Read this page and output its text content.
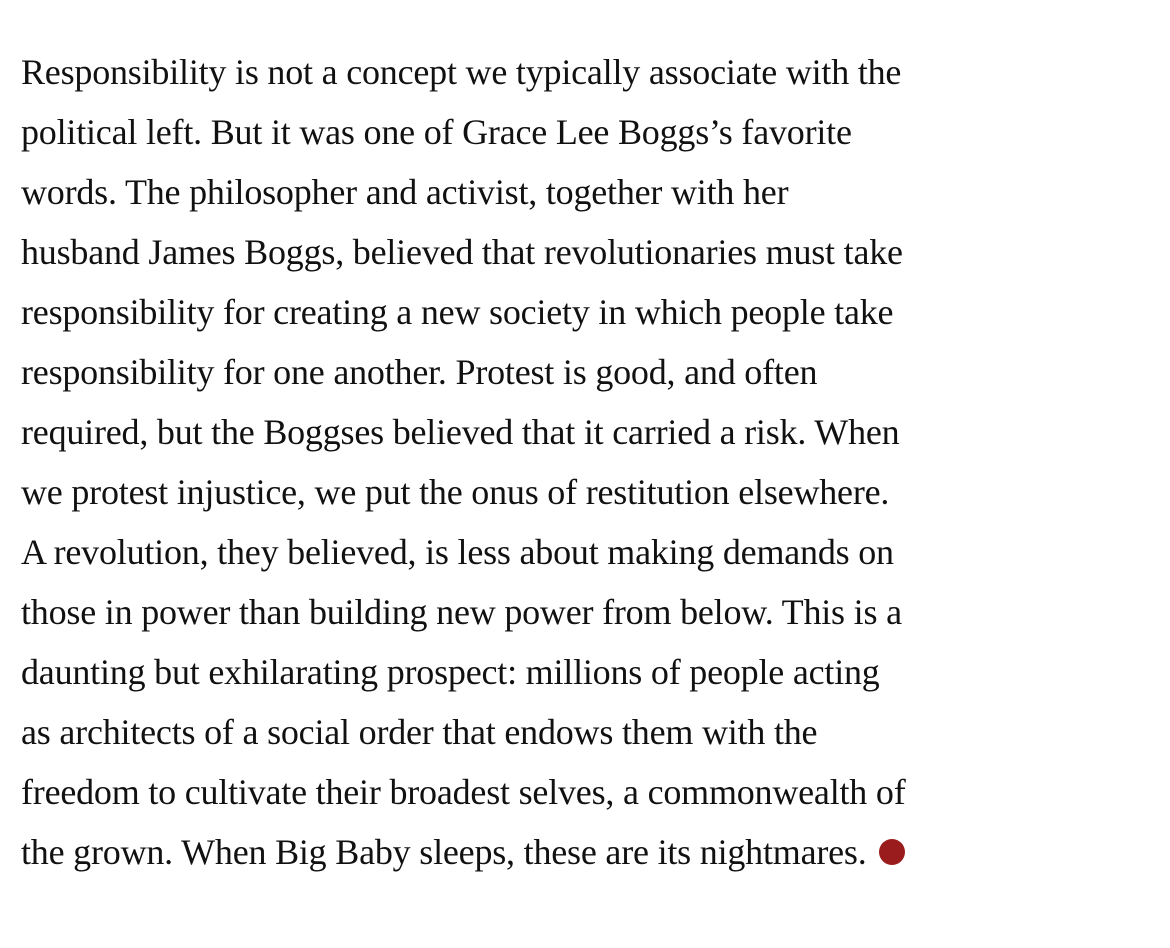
Responsibility is not a concept we typically associate with the
political left. But it was one of Grace Lee Boggs’s favorite
words. The philosopher and activist, together with her
husband James Boggs, believed that revolutionaries must take
responsibility for creating a new society in which people take
responsibility for one another. Protest is good, and often
required, but the Boggses believed that it carried a risk. When
we protest injustice, we put the onus of restitution elsewhere.
A revolution, they believed, is less about making demands on
those in power than building new power from below. This is a
daunting but exhilarating prospect: millions of people acting
as architects of a social order that endows them with the
freedom to cultivate their broadest selves, a commonwealth of
the grown. When Big Baby sleeps, these are its nightmares.
